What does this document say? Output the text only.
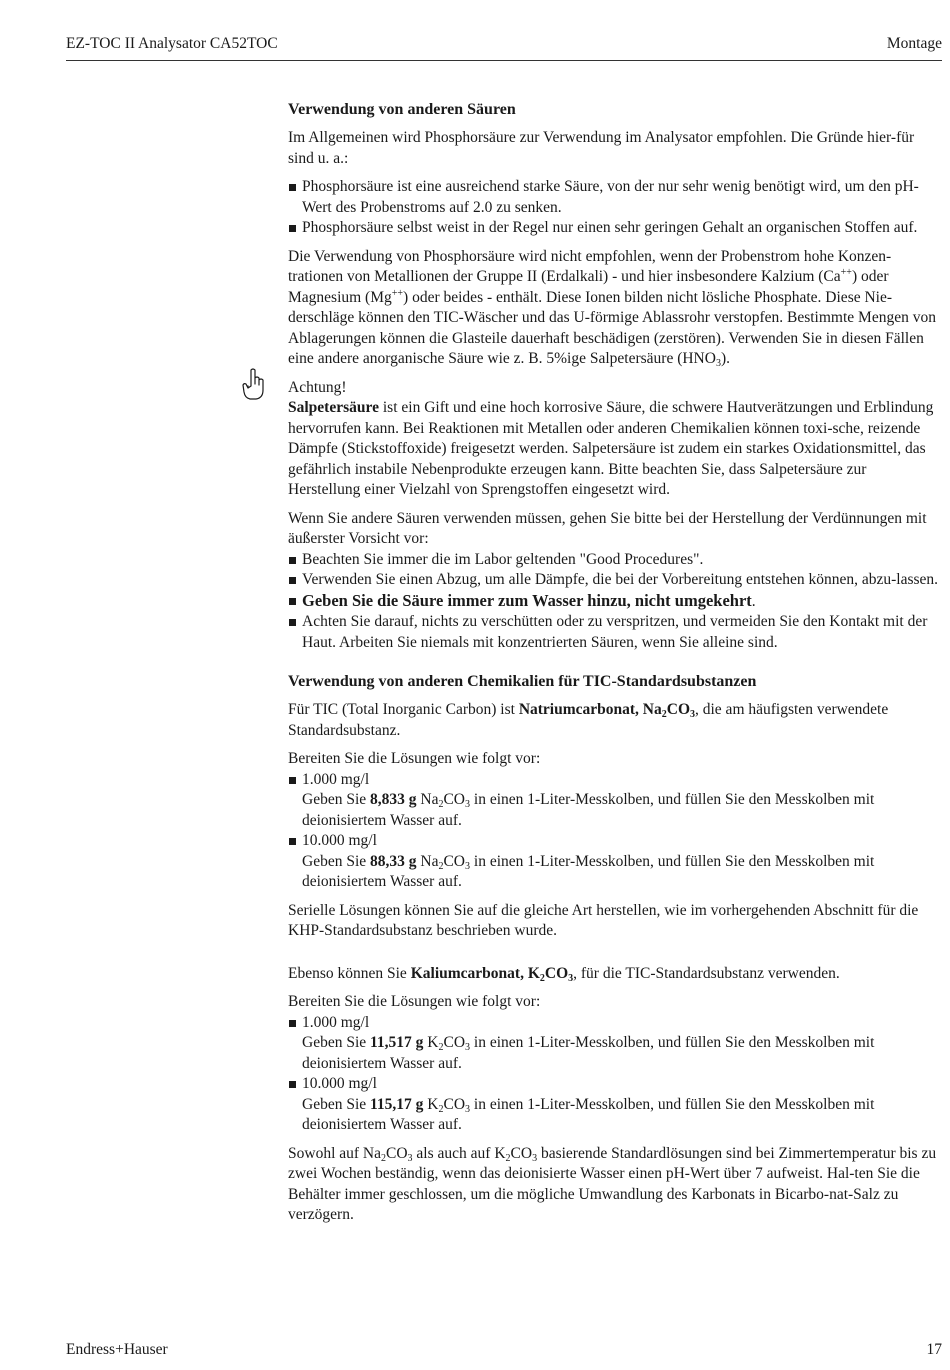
EZ-TOC II Analysator CA52TOC	Montage
Verwendung von anderen Säuren

Im Allgemeinen wird Phosphorsäure zur Verwendung im Analysator empfohlen. Die Gründe hier-für sind u. a.:

Phosphorsäure ist eine ausreichend starke Säure, von der nur sehr wenig benötigt wird, um den pH-Wert des Probenstroms auf 2.0 zu senken.
Phosphorsäure selbst weist in der Regel nur einen sehr geringen Gehalt an organischen Stoffen auf.

Die Verwendung von Phosphorsäure wird nicht empfohlen, wenn der Probenstrom hohe Konzen-trationen von Metallionen der Gruppe II (Erdalkali) - und hier insbesondere Kalzium (Ca++) oder Magnesium (Mg++) oder beides - enthält. Diese Ionen bilden nicht lösliche Phosphate. Diese Nie-derschläge können den TIC-Wäscher und das U-förmige Ablassrohr verstopfen. Bestimmte Mengen von Ablagerungen können die Glasteile dauerhaft beschädigen (zerstören). Verwenden Sie in diesen Fällen eine andere anorganische Säure wie z. B. 5%ige Salpetersäure $(HNO_3)$.

Achtung!

Salpetersäure ist ein Gift und eine hoch korrosive Säure, die schwere Hautverätzungen und Erblindung hervorrufen kann. Bei Reaktionen mit Metallen oder anderen Chemikalien können toxi-sche, reizende Dämpfe (Stickstoffoxide) freigesetzt werden. Salpetersäure ist zudem ein starkes Oxidationsmittel, das gefährlich instabile Nebenprodukte erzeugen kann. Bitte beachten Sie, dass Salpetersäure zur Herstellung einer Vielzahl von Sprengstoffen eingesetzt wird.

Wenn Sie andere Säuren verwenden müssen, gehen Sie bitte bei der Herstellung der Verdünnungen mit äußerster Vorsicht vor:

Beachten Sie immer die im Labor geltenden "Good Procedures".
Verwenden Sie einen Abzug, um alle Dämpfe, die bei der Vorbereitung entstehen können, abzu-lassen.
Geben Sie die Säure immer zum Wasser hinzu, nicht umgekehrt.
Achten Sie darauf, nichts zu verschütten oder zu verspritzen, und vermeiden Sie den Kontakt mit der Haut. Arbeiten Sie niemals mit konzentrierten Säuren, wenn Sie alleine sind.
Verwendung von anderen Chemikalien für TIC-Standardsubstanzen

Für TIC (Total Inorganic Carbon) ist Natriumcarbonat, $Na_2CO_3$, die am häufigsten verwendete Standardsubstanz.

Bereiten Sie die Lösungen wie folgt vor:

1.000 mg/l
Geben Sie 8,833 g $Na_2CO_3$ in einen 1-Liter-Messkolben, und füllen Sie den Messkolben mit deionisiertem Wasser auf.
10.000 mg/l
Geben Sie 88,33 g $Na_2CO_3$ in einen 1-Liter-Messkolben, und füllen Sie den Messkolben mit deionisiertem Wasser auf.

Serielle Lösungen können Sie auf die gleiche Art herstellen, wie im vorhergehenden Abschnitt für die KHP-Standardsubstanz beschrieben wurde.

Ebenso können Sie Kaliumcarbonat, $K_2CO_3$, für die TIC-Standardsubstanz verwenden.

Bereiten Sie die Lösungen wie folgt vor:

1.000 mg/l
Geben Sie 11,517 g $K_2CO_3$ in einen 1-Liter-Messkolben, und füllen Sie den Messkolben mit deionisiertem Wasser auf.
10.000 mg/l
Geben Sie 115,17 g $K_2CO_3$ in einen 1-Liter-Messkolben, und füllen Sie den Messkolben mit deionisiertem Wasser auf.

Sowohl auf $Na_2CO_3$ als auch auf $K_2CO_3$ basierende Standardlösungen sind bei Zimmertemperatur bis zu zwei Wochen beständig, wenn das deionisierte Wasser einen pH-Wert über 7 aufweist. Hal-ten Sie die Behälter immer geschlossen, um die mögliche Umwandlung des Karbonats in Bicarbo-nat-Salz zu verzögern.

Endress+Hauser	17
